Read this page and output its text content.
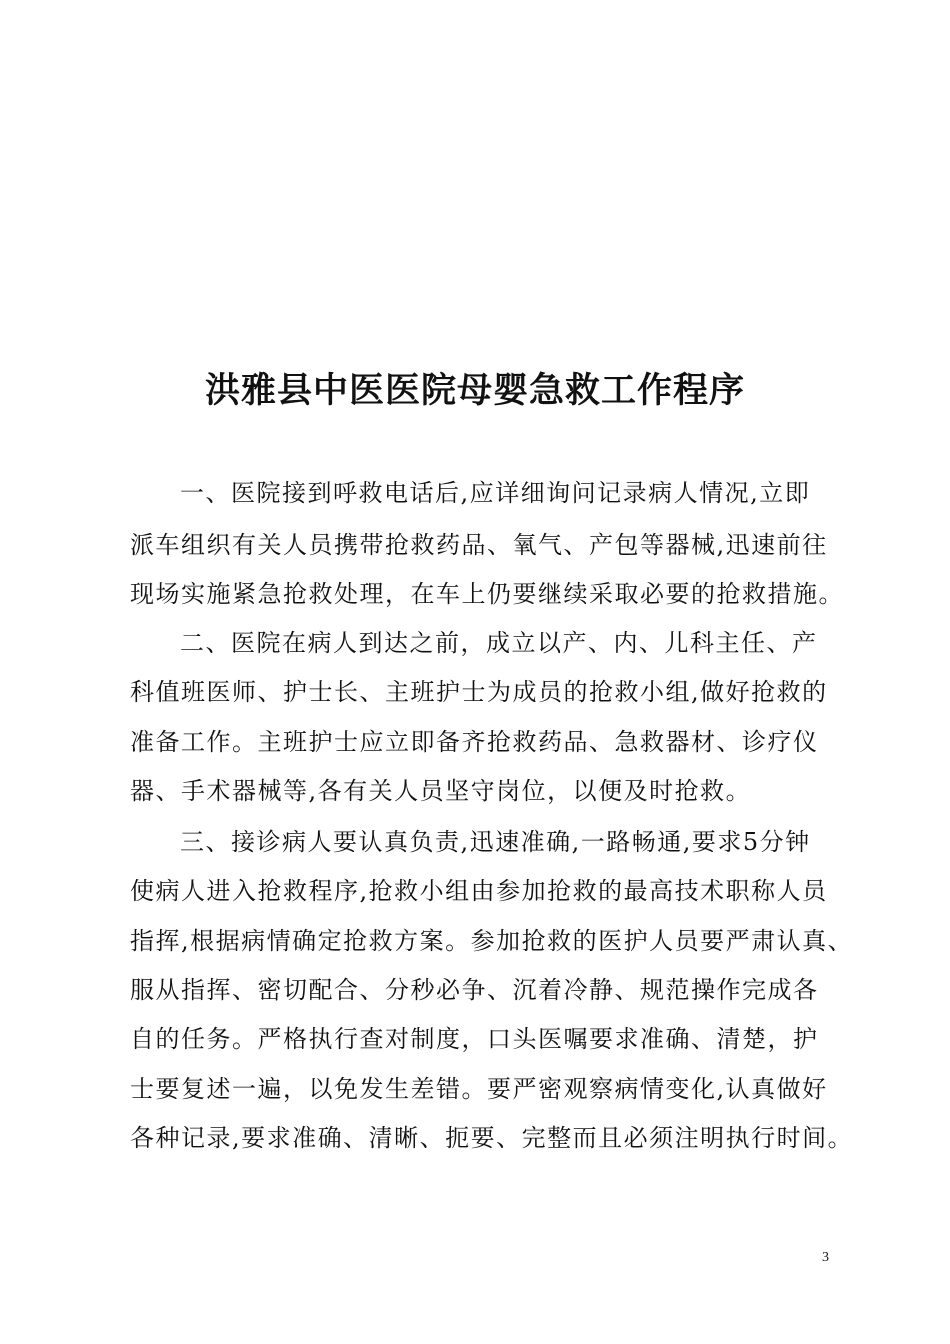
洪雅县中医医院母婴急救工作程序

一、医院接到呼救电话后,应详细询问记录病人情况,立即

派车组织有关人员携带抢救药品、氧气、产包等器械,迅速前往

现场实施紧急抢救处理，在车上仍要继续采取必要的抢救措施。

二、医院在病人到达之前，成立以产、内、儿科主任、产

科值班医师、护士长、主班护士为成员的抢救小组,做好抢救的

准备工作。主班护士应立即备齐抢救药品、急救器材、诊疗仪

器、手术器械等,各有关人员坚守岗位，以便及时抢救。

三、接诊病人要认真负责,迅速准确,一路畅通,要求5分钟

使病人进入抢救程序,抢救小组由参加抢救的最高技术职称人员

指挥,根据病情确定抢救方案。参加抢救的医护人员要严肃认真、

服从指挥、密切配合、分秒必争、沉着冷静、规范操作完成各

自的任务。严格执行查对制度，口头医嘱要求准确、清楚，护

士要复述一遍，以免发生差错。要严密观察病情变化,认真做好

各种记录,要求准确、清晰、扼要、完整而且必须注明执行时间。

3
